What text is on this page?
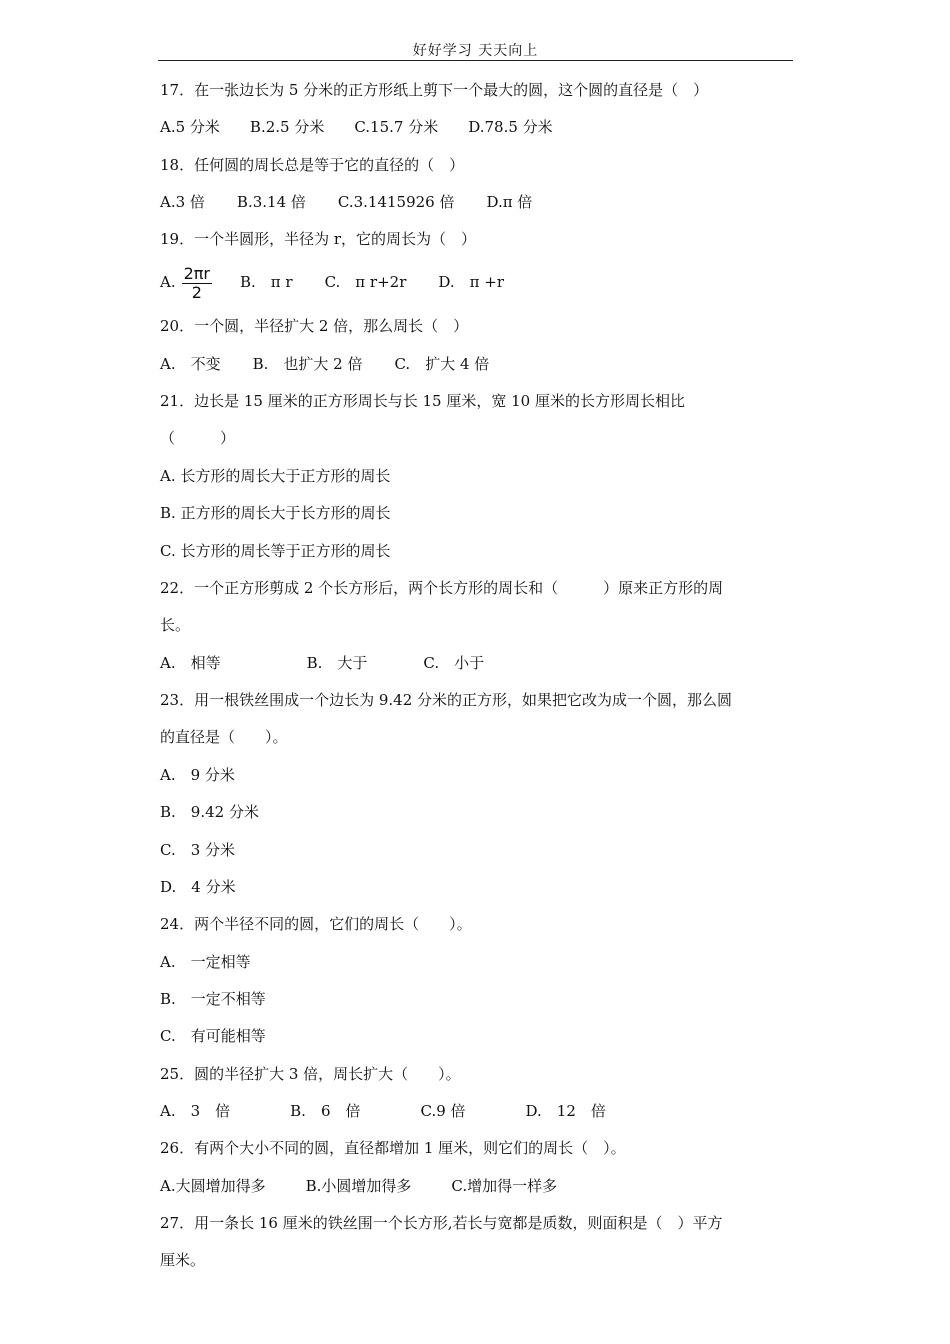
好好学习 天天向上
17．在一张边长为 5 分米的正方形纸上剪下一个最大的圆，这个圆的直径是（　）
A.5 分米 B.2.5 分米 C.15.7 分米 D.78.5 分米
18．任何圆的周长总是等于它的直径的（　）
A.3 倍 B.3.14 倍 C.3.1415926 倍 D.π 倍
19．一个半圆形，半径为 r，它的周长为（　）
A. $\frac{2\pi r}{2} B$.　π r C.　π r+2r D.　π +r
20．一个圆，半径扩大 2 倍，那么周长（　）
A.　不变 B.　也扩大 2 倍 C.　扩大 4 倍
21．边长是 15 厘米的正方形周长与长 15 厘米，宽 10 厘米的长方形周长相比
（　　　）
A. 长方形的周长大于正方形的周长
B. 正方形的周长大于长方形的周长
C. 长方形的周长等于正方形的周长
22．一个正方形剪成 2 个长方形后，两个长方形的周长和（　　　）原来正方形的周
长。
A.　相等	B.　大于	C.　小于
23．用一根铁丝围成一个边长为 9.42 分米的正方形，如果把它改为成一个圆，那么圆
的直径是（　　）。
A.　9 分米
B.　9.42 分米
C.　3 分米
D.　4 分米
24．两个半径不同的圆，它们的周长（　　）。
A.　一定相等
B.　一定不相等
C.　有可能相等
25．圆的半径扩大 3 倍，周长扩大（　　）。
A.　3　倍	B.　6　倍	C.9 倍	D.　12　倍
26．有两个大小不同的圆，直径都增加 1 厘米，则它们的周长（　）。
A.大圆增加得多	B.小圆增加得多	C.增加得一样多
27．用一条长 16 厘米的铁丝围一个长方形,若长与宽都是质数，则面积是（　）平方
厘米。
